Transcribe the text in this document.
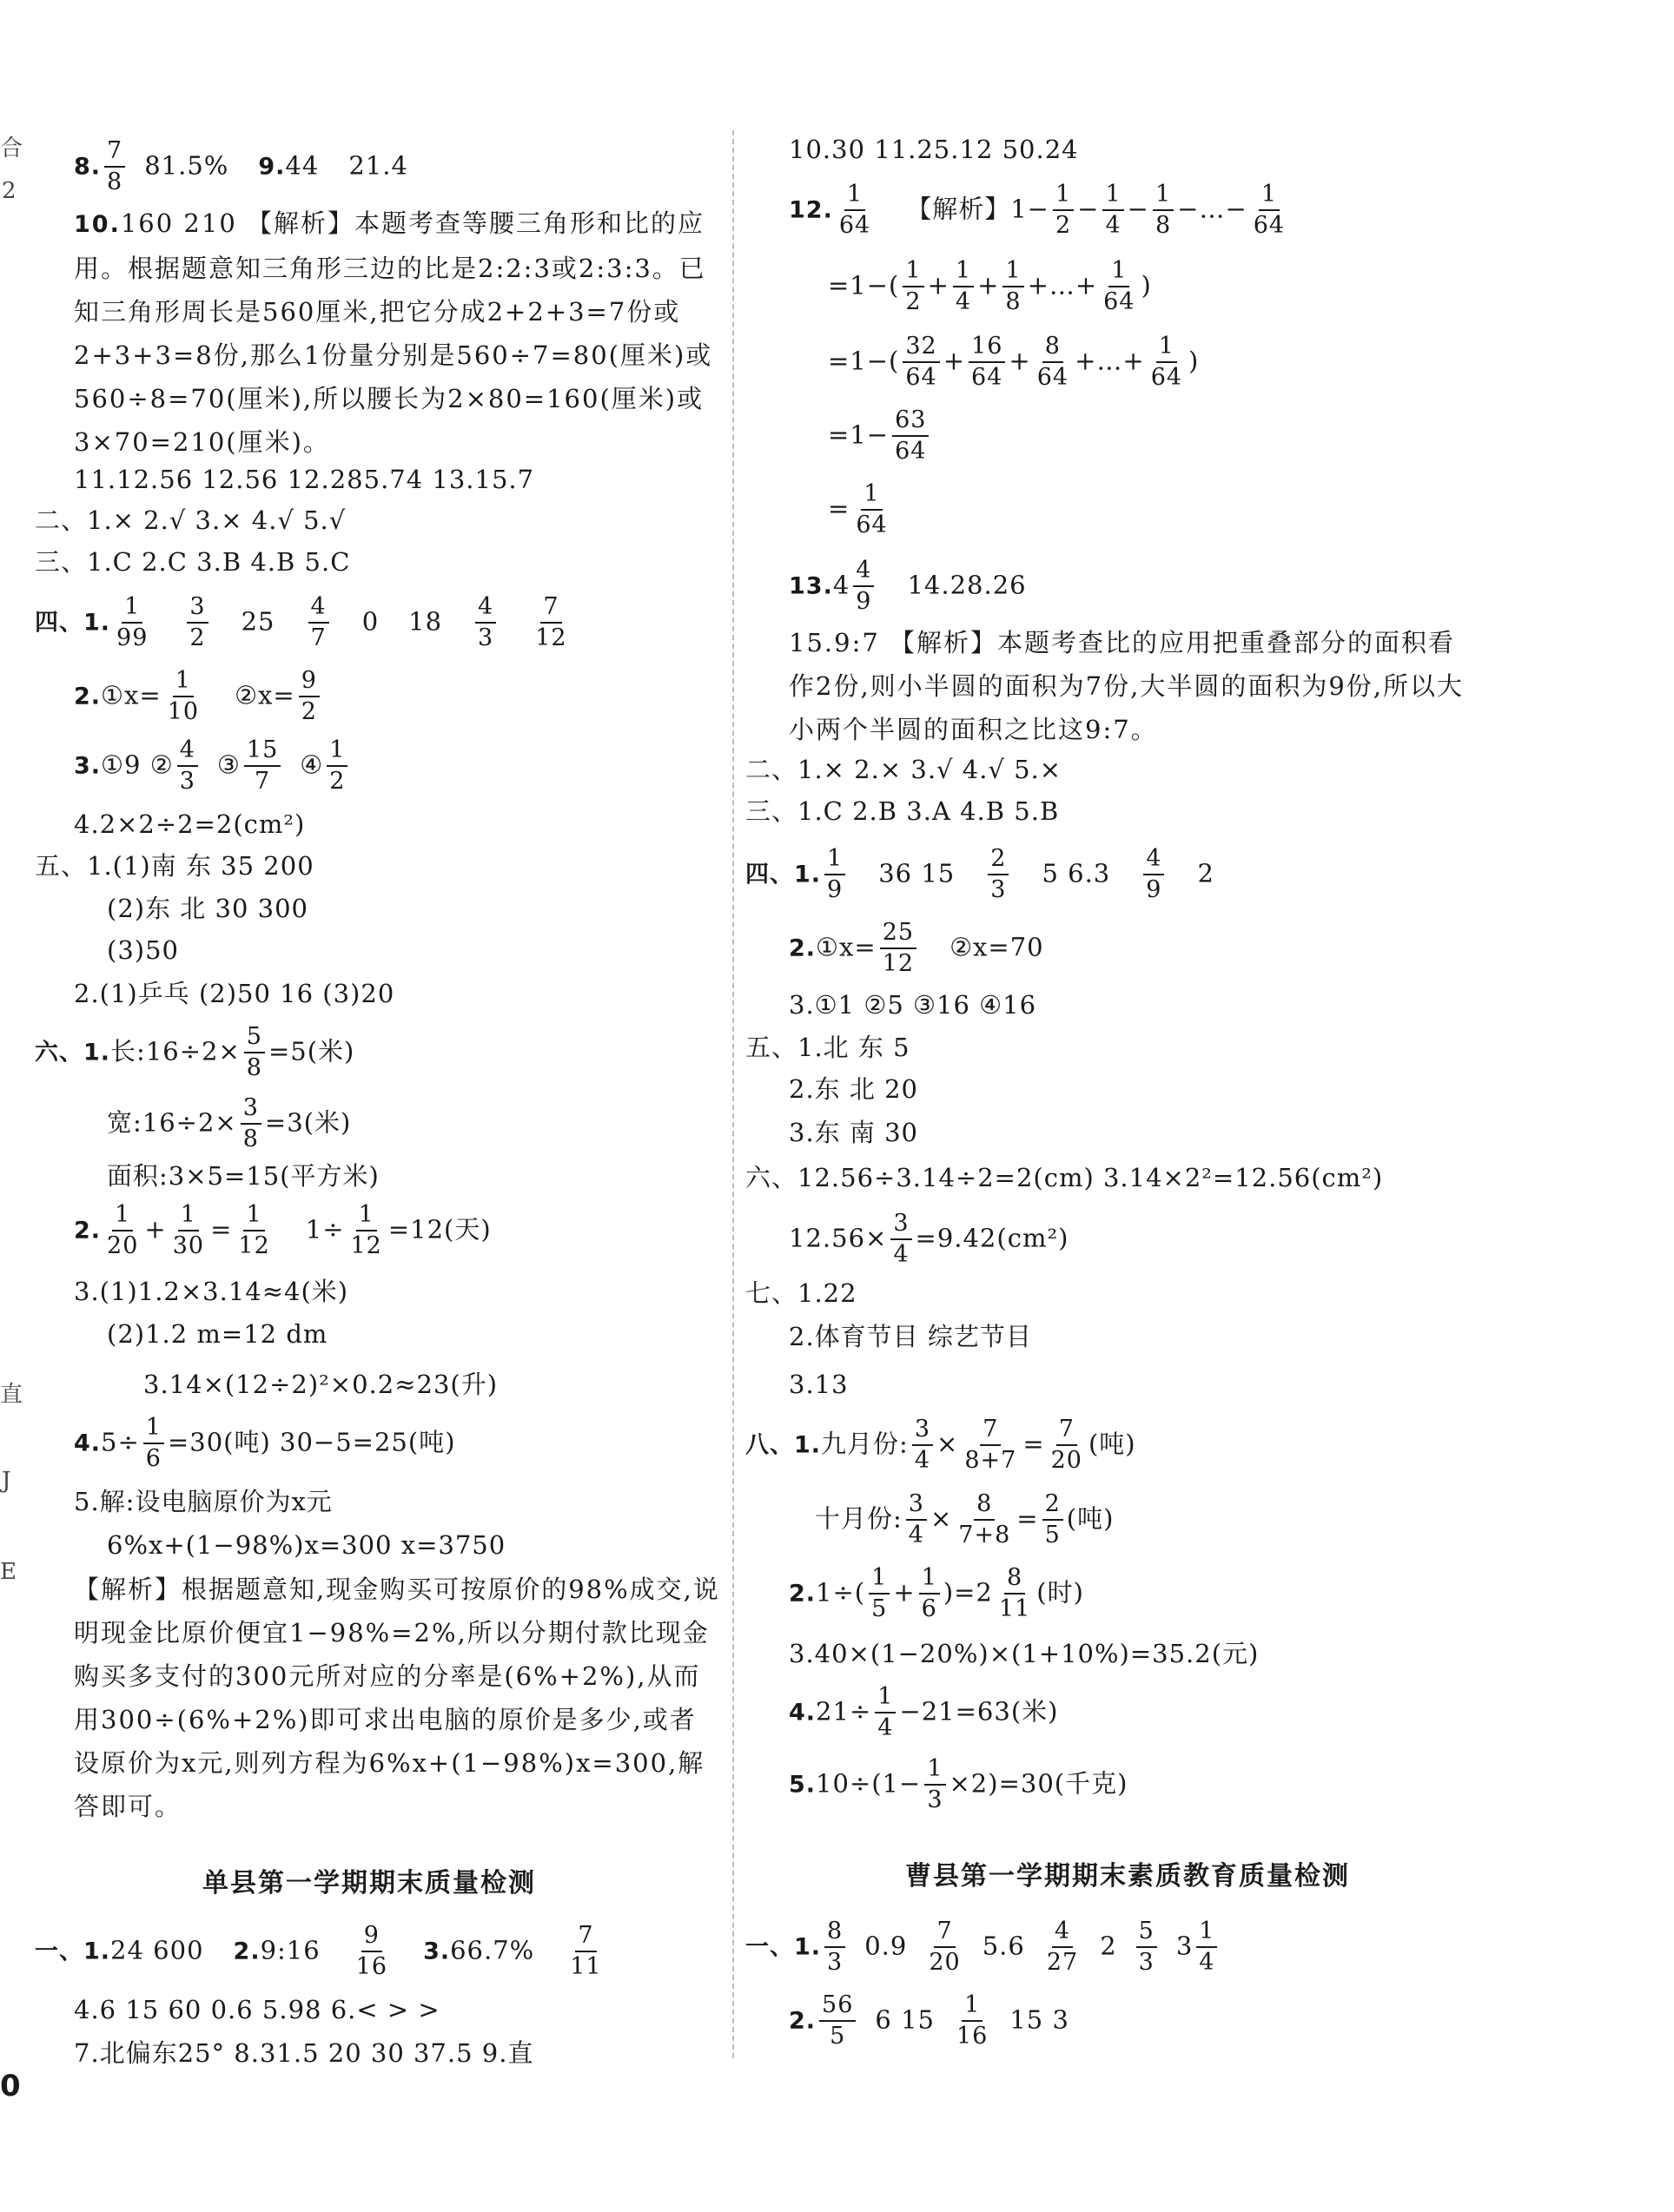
合
2
直
J
E
0
8. $\frac{7}{8} 81.5\%$ 9.44 21.4
10.160 210 【解析】本题考查等腰三角形和比的应用。根据题意知三角形三边的比是2:2:3或2:3:3。已知三角形周长是560厘米,把它分成2+2+3=7份或2+3+3=8份,那么1份量分别是560÷7=80(厘米)或560÷8=70(厘米),所以腰长为2×80=160(厘米)或3×70=210(厘米)。
11.12.56 12.56 12.285.74 13.15.7
二、1.× 2.√ 3.× 4.√ 5.√
三、1.C 2.C 3.B 4.B 5.C
四、1. $\frac{1}{99} \frac{3}{2} 25 \frac{4}{7} 0$ $18 \frac{4}{3} \frac{7}{12}$
2.①x= $\frac{1}{10}$ ②x= $\frac{9}{2}$
3.①9 ② $\frac{4}{3}$ ③ $\frac{15}{7}$ ④ $\frac{1}{2}$
4.2×2÷2=2(cm²)
五、1.(1)南 东 35 200
(2)东 北 30 300
(3)50
2.(1)乒乓 (2)50 16 (3)20
六、1.长:16÷2× $\frac{5}{8} =5$(米)
宽:16÷2× $\frac{3}{8} =3$(米)
面积:3×5=15(平方米)
2. $\frac{1}{20} + \frac{1}{30} = \frac{1}{12} 1\div \frac{1}{12} =12$(天)
3.(1)1.2×3.14≈4(米)
(2)1.2 m=12 dm
3.14×(12÷2)²×0.2≈23(升)
$4.5\div \frac{1}{6} =30$(吨) 30−5=25(吨)
5.解:设电脑原价为x元
6%x+(1−98%)x=300 x=3750
【解析】根据题意知,现金购买可按原价的98%成交,说明现金比原价便宜1−98%=2%,所以分期付款比现金购买多支付的300元所对应的分率是(6%+2%),从而用300÷(6%+2%)即可求出电脑的原价是多少,或者设原价为x元,则列方程为6%x+(1−98%)x=300,解答即可。
单县第一学期期末质量检测
一、1.24 600 2.9:16 $\frac{9}{16} 3.66.7\% \frac{7}{11}$
4.6 15 60 0.6 5.98 6.< > >
7.北偏东25° 8.31.5 20 30 37.5 9.直
10.30 11.25.12 50.24
12. $\frac{1}{64}$ 【解析】$1- \frac{1}{2} - \frac{1}{4} - \frac{1}{8}$ −…− $\frac{1}{64}$
$=1-( \frac{1}{2} + \frac{1}{4} + \frac{1}{8}$ +…+ $\frac{1}{64}$ )
$=1-( \frac{32}{64} + \frac{16}{64} + \frac{8}{64}$ +…+ $\frac{1}{64}$ )
$=1- \frac{63}{64}$
= $\frac{1}{64}$
$13.4 \frac{4}{9} 14.28.26$
15.9:7 【解析】本题考查比的应用把重叠部分的面积看作2份,则小半圆的面积为7份,大半圆的面积为9份,所以大小两个半圆的面积之比这9:7。
二、1.× 2.× 3.√ 4.√ 5.×
三、1.C 2.B 3.A 4.B 5.B
四、1. $\frac{1}{9} 36$ $15 \frac{2}{3} 5$ $6.3 \frac{4}{9} 2$
2.①x= $\frac{25}{12}$ ②x=70
3.①1 ②5 ③16 ④16
五、1.北 东 5
2.东 北 20
3.东 南 30
六、12.56÷3.14÷2=2(cm) 3.14×2²=12.56(cm²)
$12.56\times \frac{3}{4} =9.42(cm^2)$
七、1.22
2.体育节目 综艺节目
3.13
八、1.九月份: $\frac{3}{4} \times \frac{7}{8+7} = \frac{7}{20}$ (吨)
十月份: $\frac{3}{4} \times \frac{8}{7+8} = \frac{2}{5}$ (吨)
$2.1\div( \frac{1}{5} + \frac{1}{6} )=2 \frac{8}{11}$ (时)
3.40×(1−20%)×(1+10%)=35.2(元)
$4.21\div \frac{1}{4} -21=63$(米)
$5.10\div(1- \frac{1}{3} \times 2)=30$(千克)
曹县第一学期期末素质教育质量检测
一、1. $\frac{8}{3} 0.9 \frac{7}{20} 5.6 \frac{4}{27} 2 \frac{5}{3} 3 \frac{1}{4}$
2. $\frac{56}{5} 6$ $15 \frac{1}{16} 15$ 3
